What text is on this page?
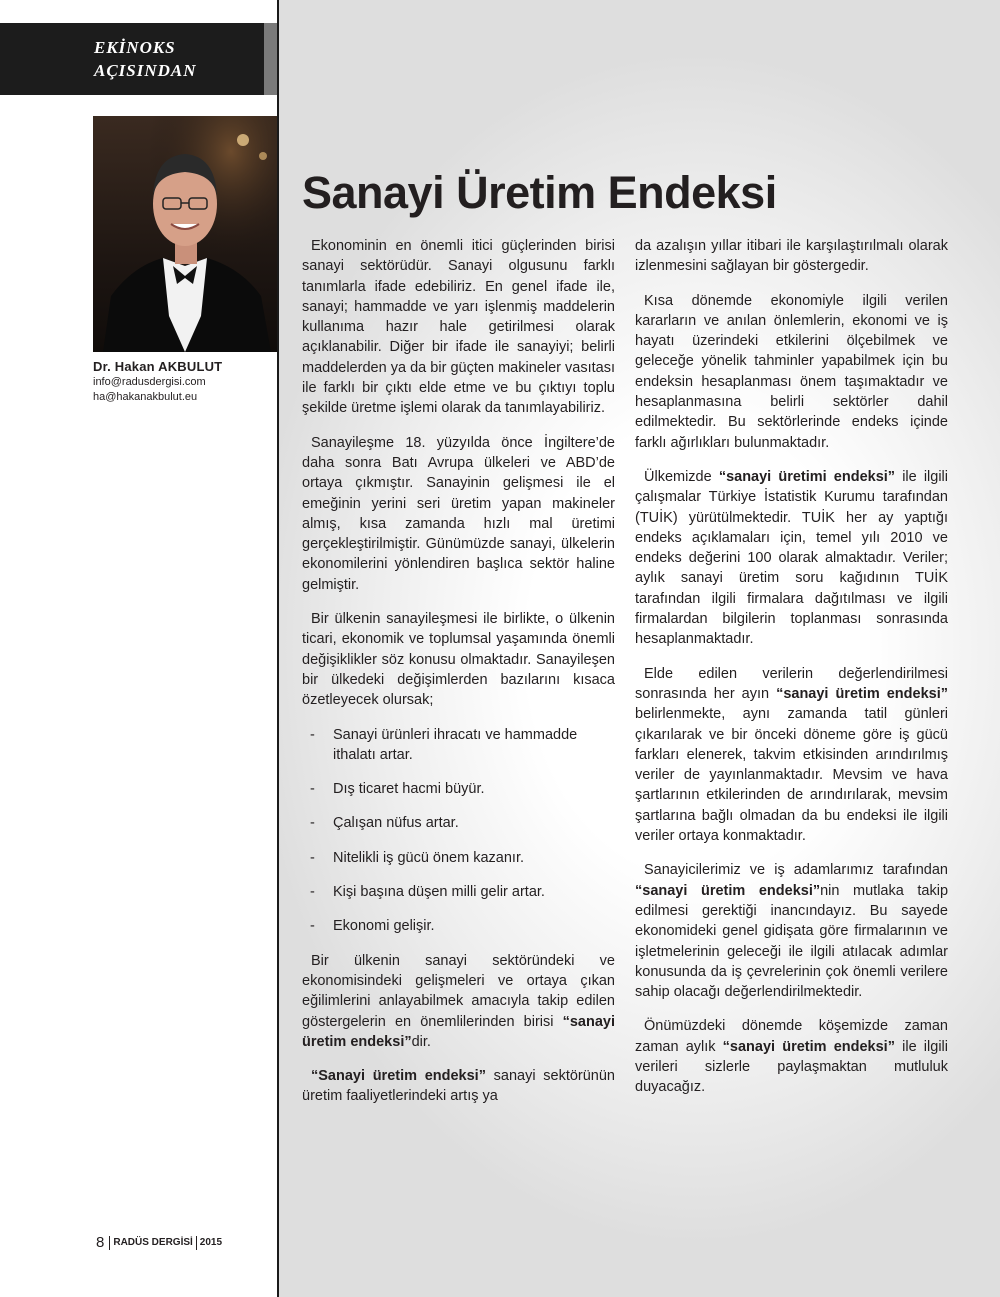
EKİNOKS
AÇISINDAN
Dr. Hakan AKBULUT
info@radusdergisi.com
ha@hakanakbulut.eu
Sanayi Üretim Endeksi

Ekonominin en önemli itici güçlerinden birisi sanayi sektörüdür. Sanayi olgusunu farklı tanımlarla ifade edebiliriz. En genel ifade ile, sanayi; hammadde ve yarı işlenmiş maddelerin kullanıma hazır hale getirilmesi olarak açıklanabilir. Diğer bir ifade ile sanayiyi; belirli maddelerden ya da bir güçten makineler vasıtası ile farklı bir çıktı elde etme ve bu çıktıyı toplu şekilde üretme işlemi olarak da tanımlayabiliriz.

Sanayileşme 18. yüzyılda önce İngiltere’de daha sonra Batı Avrupa ülkeleri ve ABD’de ortaya çıkmıştır. Sanayinin gelişmesi ile el emeğinin yerini seri üretim yapan makineler almış, kısa zamanda hızlı mal üretimi gerçekleştirilmiştir. Günümüzde sanayi, ülkelerin ekonomilerini yönlendiren başlıca sektör haline gelmiştir.

Bir ülkenin sanayileşmesi ile birlikte, o ülkenin ticari, ekonomik ve toplumsal yaşamında önemli değişiklikler söz konusu olmaktadır. Sanayileşen bir ülkedeki değişimlerden bazılarını kısaca özetleyecek olursak;

- Sanayi ürünleri ihracatı ve hammadde ithalatı artar.
- Dış ticaret hacmi büyür.
- Çalışan nüfus artar.
- Nitelikli iş gücü önem kazanır.
- Kişi başına düşen milli gelir artar.
- Ekonomi gelişir.

Bir ülkenin sanayi sektöründeki ve ekonomisindeki gelişmeleri ve ortaya çıkan eğilimlerini anlayabilmek amacıyla takip edilen göstergelerin en önemlilerinden birisi “sanayi üretim endeksi”dir.

“Sanayi üretim endeksi” sanayi sektörünün üretim faaliyetlerindeki artış ya

da azalışın yıllar itibari ile karşılaştırılmalı olarak izlenmesini sağlayan bir göstergedir.

Kısa dönemde ekonomiyle ilgili verilen kararların ve anılan önlemlerin, ekonomi ve iş hayatı üzerindeki etkilerini ölçebilmek ve geleceğe yönelik tahminler yapabilmek için bu endeksin hesaplanması önem taşımaktadır ve hesaplanmasına belirli sektörler dahil edilmektedir. Bu sektörlerinde endeks içinde farklı ağırlıkları bulunmaktadır.

Ülkemizde “sanayi üretimi endeksi” ile ilgili çalışmalar Türkiye İstatistik Kurumu tarafından (TUİK) yürütülmektedir. TUİK her ay yaptığı endeks açıklamaları için, temel yılı 2010 ve endeks değerini 100 olarak almaktadır. Veriler; aylık sanayi üretim soru kağıdının TUİK tarafından ilgili firmalara dağıtılması ve ilgili firmalardan bilgilerin toplanması sonrasında hesaplanmaktadır.

Elde edilen verilerin değerlendirilmesi sonrasında her ayın “sanayi üretim endeksi” belirlenmekte, aynı zamanda tatil günleri çıkarılarak ve bir önceki döneme göre iş gücü farkları elenerek, takvim etkisinden arındırılmış veriler de yayınlanmaktadır. Mevsim ve hava şartlarının etkilerinden de arındırılarak, mevsim şartlarına bağlı olmadan da bu endeksi ile ilgili veriler ortaya konmaktadır.

Sanayicilerimiz ve iş adamlarımız tarafından “sanayi üretim endeksi”nin mutlaka takip edilmesi gerektiği inancındayız. Bu sayede ekonomideki genel gidişata göre firmalarının ve işletmelerinin geleceği ile ilgili atılacak adımlar konusunda da iş çevrelerinin çok önemli verilere sahip olacağı değerlendirilmektedir.

Önümüzdeki dönemde köşemizde zaman zaman aylık “sanayi üretim endeksi” ile ilgili verileri sizlerle paylaşmaktan mutluluk duyacağız.

8 RADÜS DERGİSİ 2015
